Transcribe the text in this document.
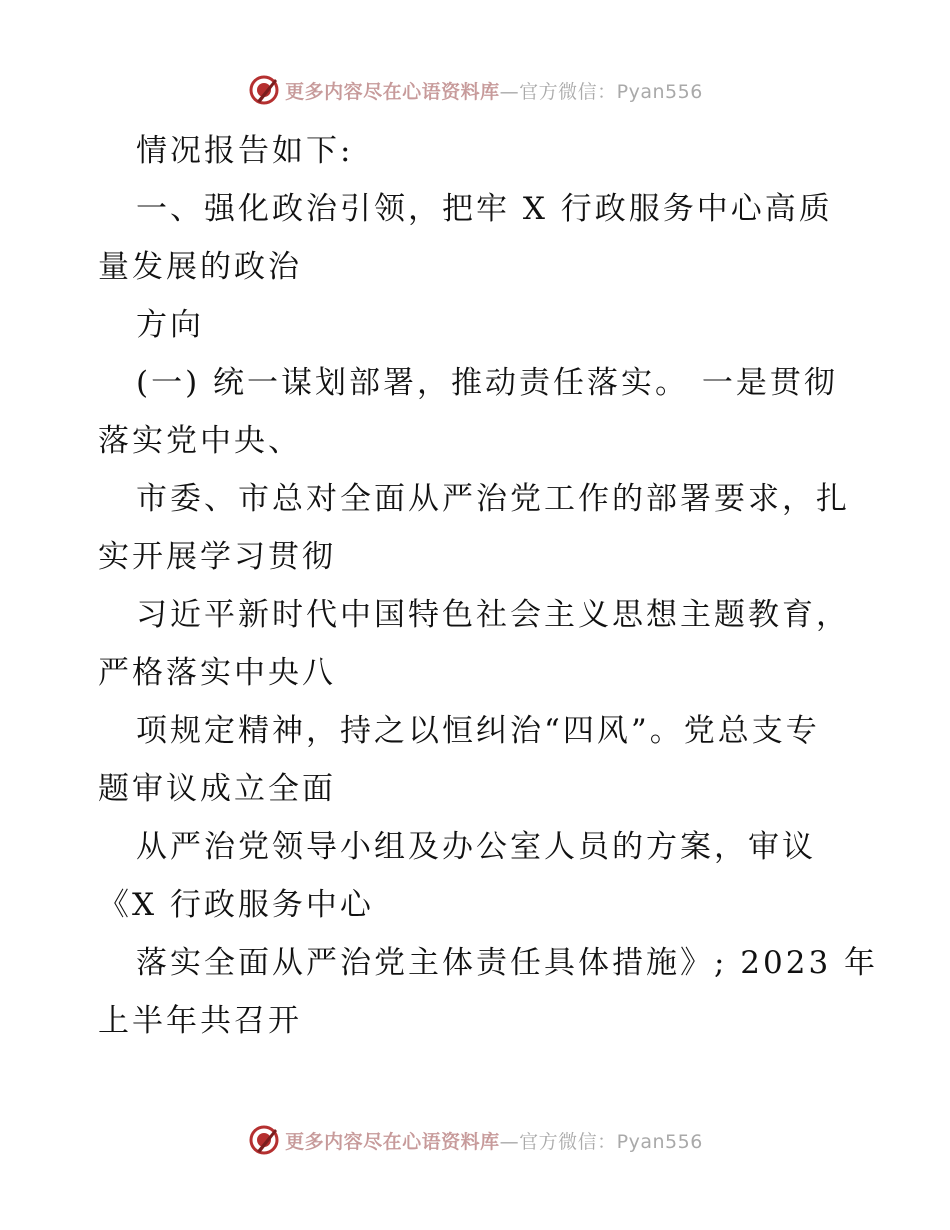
更多内容尽在心语资料库—官方微信：Pyan556
情况报告如下:
一、强化政治引领，把牢 X 行政服务中心高质
量发展的政治
方向
(一) 统一谋划部署，推动责任落实。 一是贯彻
落实党中央、
市委、市总对全面从严治党工作的部署要求，扎
实开展学习贯彻
习近平新时代中国特色社会主义思想主题教育，
严格落实中央八
项规定精神，持之以恒纠治“四风”。党总支专
题审议成立全面
从严治党领导小组及办公室人员的方案，审议
《X 行政服务中心
落实全面从严治党主体责任具体措施》; 2023 年
上半年共召开
更多内容尽在心语资料库—官方微信：Pyan556
